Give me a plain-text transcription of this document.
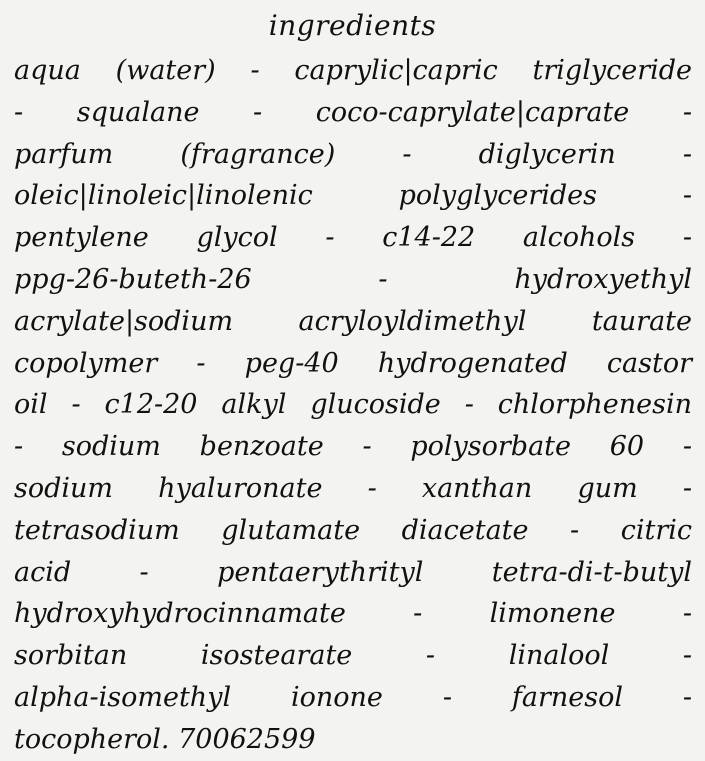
ingredients
aqua (water) - caprylic|capric triglyceride
- squalane - coco-caprylate|caprate -
parfum (fragrance) - diglycerin -
oleic|linoleic|linolenic polyglycerides -
pentylene glycol - c14-22 alcohols -
ppg-26-buteth-26 - hydroxyethyl
acrylate|sodium acryloyldimethyl taurate
copolymer - peg-40 hydrogenated castor
oil - c12-20 alkyl glucoside - chlorphenesin
- sodium benzoate - polysorbate 60 -
sodium hyaluronate - xanthan gum -
tetrasodium glutamate diacetate - citric
acid - pentaerythrityl tetra-di-t-butyl
hydroxyhydrocinnamate - limonene -
sorbitan isostearate - linalool -
alpha-isomethyl ionone - farnesol -
tocopherol. 70062599
